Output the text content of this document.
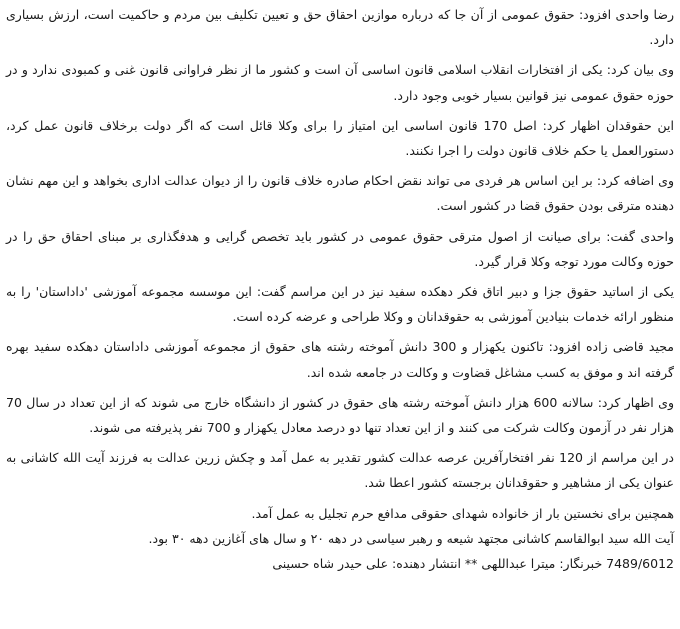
رضا واحدی افزود: حقوق عمومی از آن جا که درباره موازین احقاق حق و تعیین تکلیف بین مردم و حاکمیت است، ارزش بسیاری دارد.

وی بیان کرد: یکی از افتخارات انقلاب اسلامی قانون اساسی آن است و کشور ما از نظر فراوانی قانون غنی و کمبودی ندارد و در حوزه حقوق عمومی نیز قوانین بسیار خوبی وجود دارد.

این حقوقدان اظهار کرد: اصل 170 قانون اساسی این امتیاز را برای وکلا قائل است که اگر دولت برخلاف قانون عمل کرد، دستورالعمل یا حکم خلاف قانون دولت را اجرا نکنند.

وی اضافه کرد: بر این اساس هر فردی می تواند نقض احکام صادره خلاف قانون را از دیوان عدالت اداری بخواهد و این مهم نشان دهنده مترقی بودن حقوق قضا در کشور است.

واحدی گفت: برای صیانت از اصول مترقی حقوق عمومی در کشور باید تخصص گرایی و هدفگذاری بر مبنای احقاق حق را در حوزه وکالت مورد توجه وکلا قرار گیرد.

یکی از اساتید حقوق جزا و دبیر اتاق فکر دهکده سفید نیز در این مراسم گفت: این موسسه مجموعه آموزشی 'داداستان' را به منظور ارائه خدمات بنیادین آموزشی به حقوقدانان و وکلا طراحی و عرضه کرده است.

مجید قاضی زاده افزود: تاکنون یکهزار و 300 دانش آموخته رشته های حقوق از مجموعه آموزشی داداستان دهکده سفید بهره گرفته اند و موفق به کسب مشاغل قضاوت و وکالت در جامعه شده اند.

وی اظهار کرد: سالانه 600 هزار دانش آموخته رشته های حقوق در کشور از دانشگاه خارج می شوند که از این تعداد در سال 70 هزار نفر در آزمون وکالت شرکت می کنند و از این تعداد تنها دو درصد معادل یکهزار و 700 نفر پذیرفته می شوند.

در این مراسم از 120 نفر افتخارآفرین عرصه عدالت کشور تقدیر به عمل آمد و چکش زرین عدالت به فرزند آیت الله کاشانی به عنوان یکی از مشاهیر و حقوقدانان برجسته کشور اعطا شد.

همچنین برای نخستین بار از خانواده شهدای حقوقی مدافع حرم تجلیل به عمل آمد.

آیت الله سید ابوالقاسم کاشانی مجتهد شیعه و رهبر سیاسی در دهه ۲۰ و سال های آغازین دهه ۳۰ بود.

7489/6012 خبرنگار: میترا عبداللهی ** انتشار دهنده: علی حیدر شاه حسینی
